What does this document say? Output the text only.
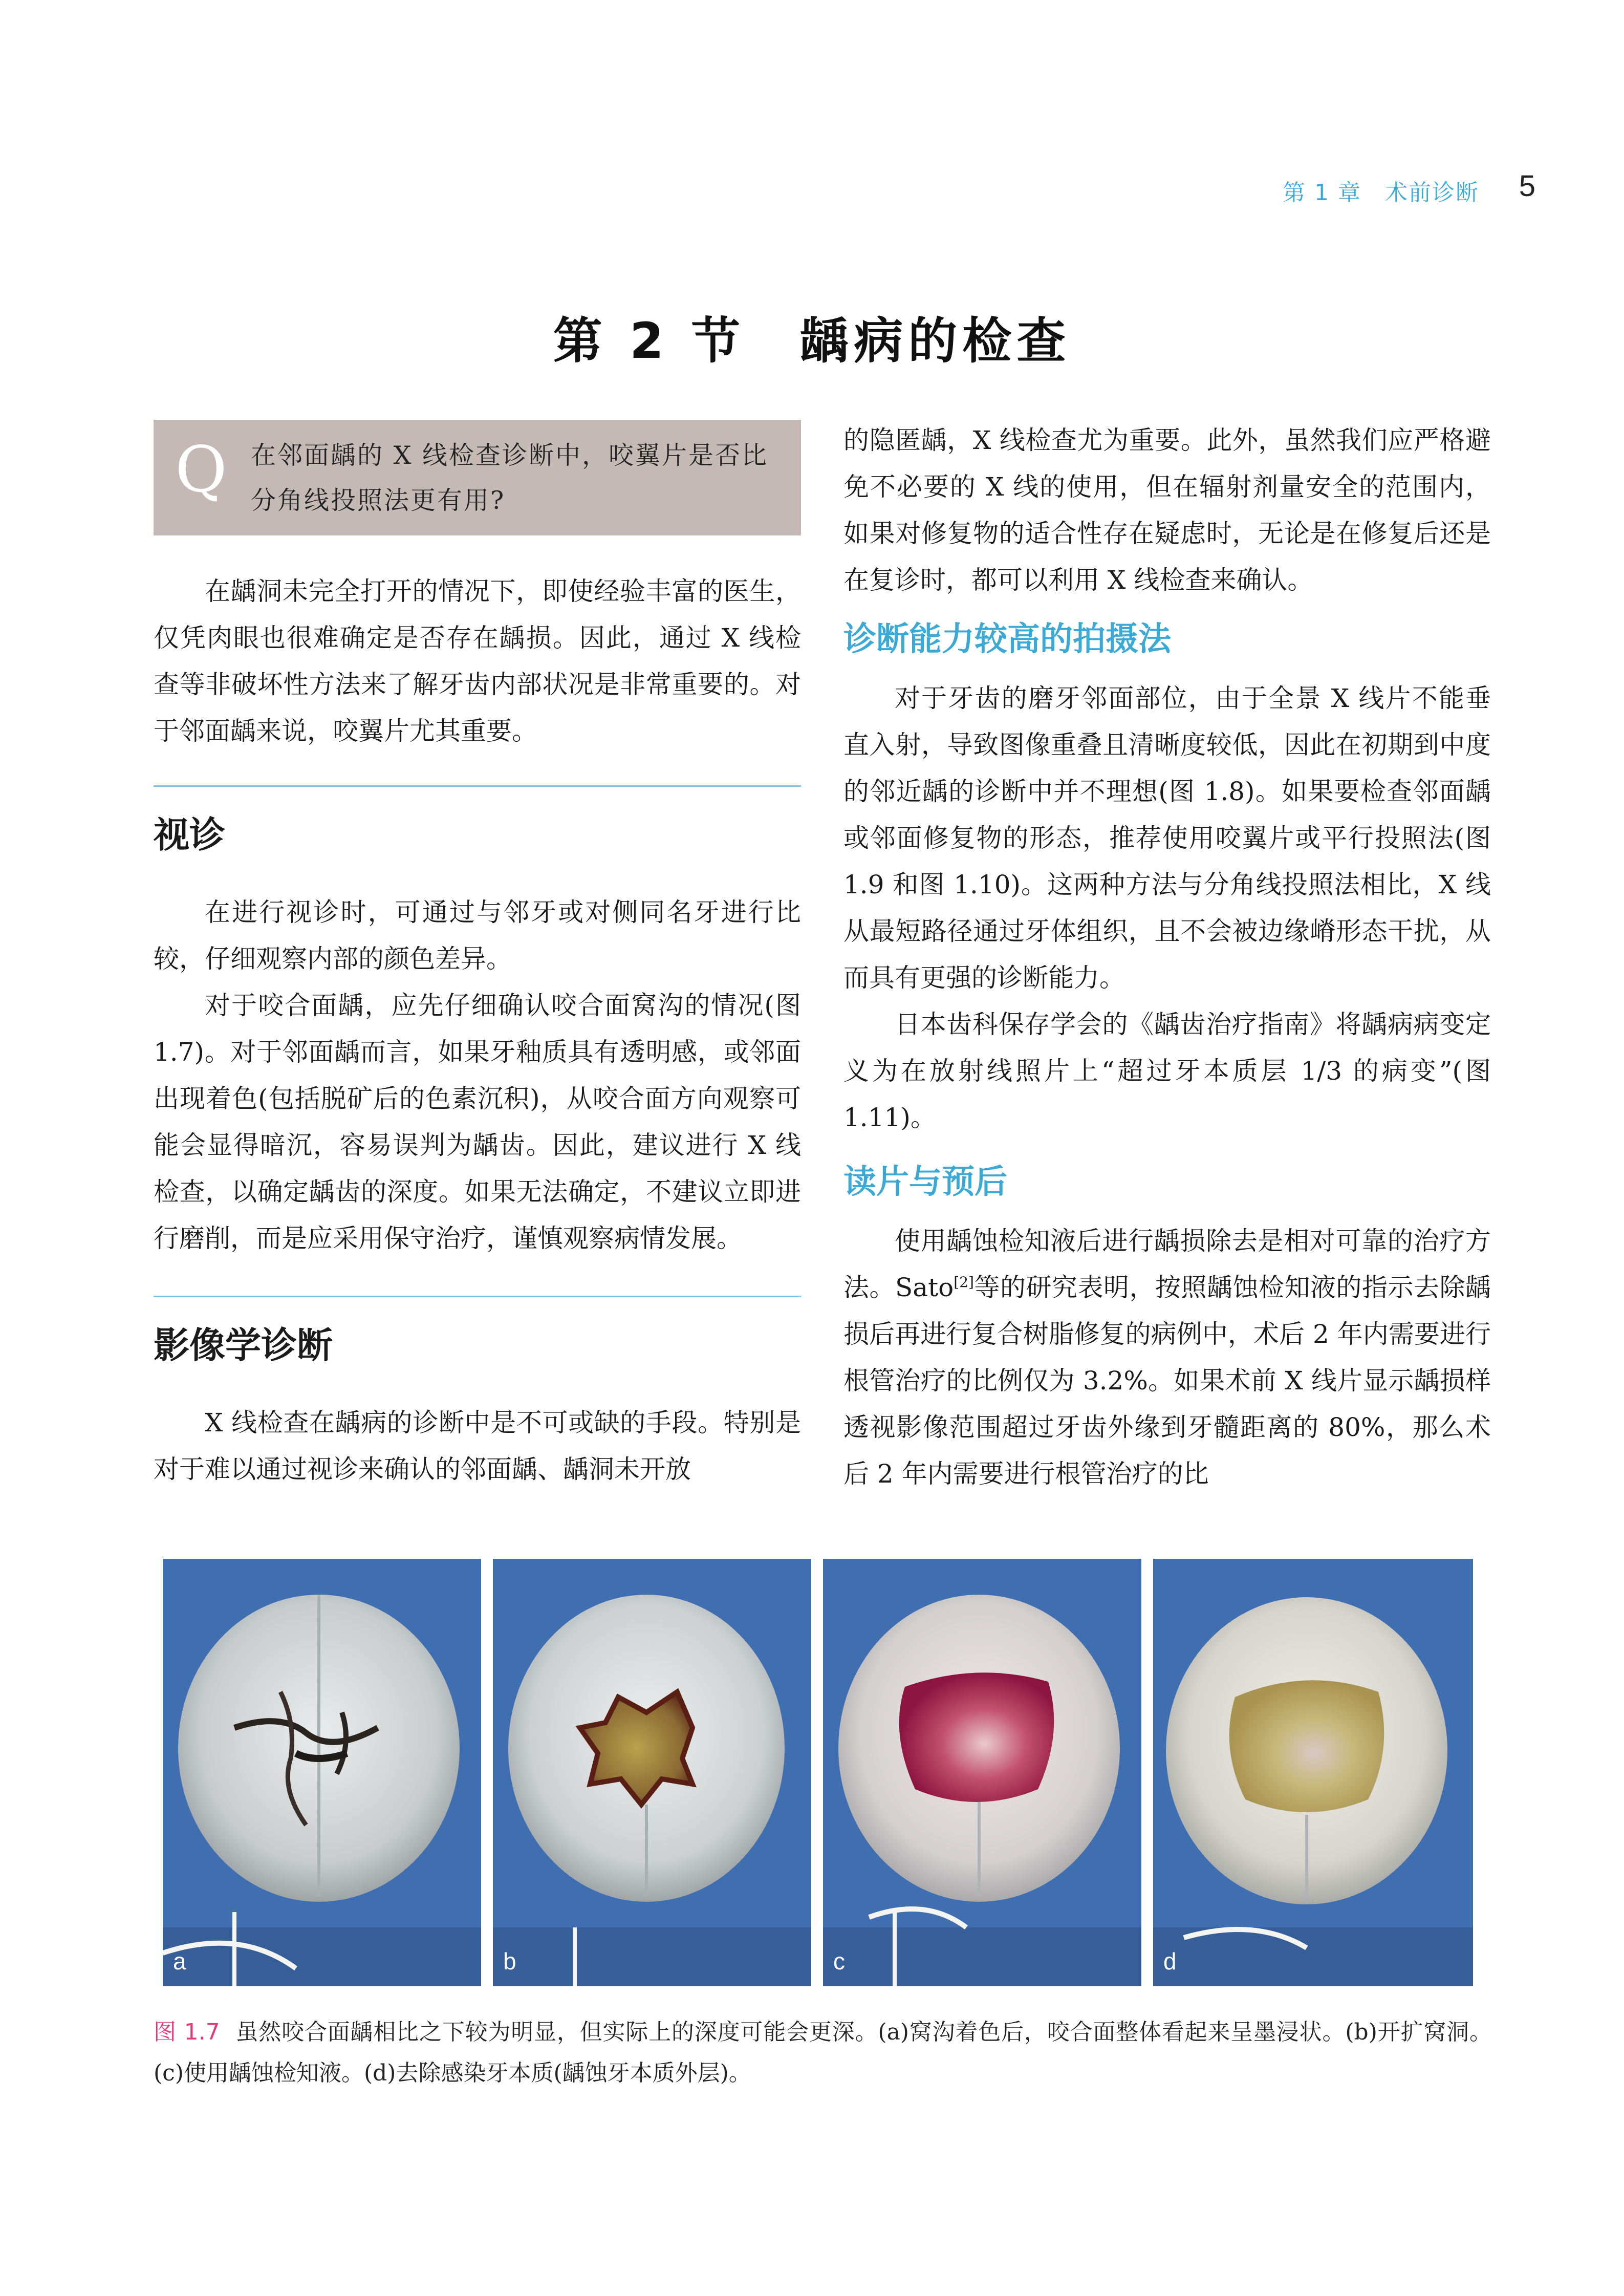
第 1 章　术前诊断 5
第 2 节　龋病的检查
Q 在邻面龋的 X 线检查诊断中，咬翼片是否比分角线投照法更有用?

在龋洞未完全打开的情况下，即使经验丰富的医生，仅凭肉眼也很难确定是否存在龋损。因此，通过 X 线检查等非破坏性方法来了解牙齿内部状况是非常重要的。对于邻面龋来说，咬翼片尤其重要。

视诊

在进行视诊时，可通过与邻牙或对侧同名牙进行比较，仔细观察内部的颜色差异。

对于咬合面龋，应先仔细确认咬合面窝沟的情况(图 1.7)。对于邻面龋而言，如果牙釉质具有透明感，或邻面出现着色(包括脱矿后的色素沉积)，从咬合面方向观察可能会显得暗沉，容易误判为龋齿。因此，建议进行 X 线检查，以确定龋齿的深度。如果无法确定，不建议立即进行磨削，而是应采用保守治疗，谨慎观察病情发展。

影像学诊断

X 线检查在龋病的诊断中是不可或缺的手段。特别是对于难以通过视诊来确认的邻面龋、龋洞未开放

的隐匿龋，X 线检查尤为重要。此外，虽然我们应严格避免不必要的 X 线的使用，但在辐射剂量安全的范围内，如果对修复物的适合性存在疑虑时，无论是在修复后还是在复诊时，都可以利用 X 线检查来确认。

诊断能力较高的拍摄法

对于牙齿的磨牙邻面部位，由于全景 X 线片不能垂直入射，导致图像重叠且清晰度较低，因此在初期到中度的邻近龋的诊断中并不理想(图 1.8)。如果要检查邻面龋或邻面修复物的形态，推荐使用咬翼片或平行投照法(图 1.9 和图 1.10)。这两种方法与分角线投照法相比，X 线从最短路径通过牙体组织，且不会被边缘嵴形态干扰，从而具有更强的诊断能力。

日本齿科保存学会的《龋齿治疗指南》将龋病病变定义为在放射线照片上“超过牙本质层 1/3 的病变”(图 1.11)。

读片与预后

使用龋蚀检知液后进行龋损除去是相对可靠的治疗方法。Sato[2]等的研究表明，按照龋蚀检知液的指示去除龋损后再进行复合树脂修复的病例中，术后 2 年内需要进行根管治疗的比例仅为 3.2%。如果术前 X 线片显示龋损样透视影像范围超过牙齿外缘到牙髓距离的 80%，那么术后 2 年内需要进行根管治疗的比

a	b	c	d
图 1.7 虽然咬合面龋相比之下较为明显，但实际上的深度可能会更深。(a)窝沟着色后，咬合面整体看起来呈墨浸状。(b)开扩窝洞。(c)使用龋蚀检知液。(d)去除感染牙本质(龋蚀牙本质外层)。
